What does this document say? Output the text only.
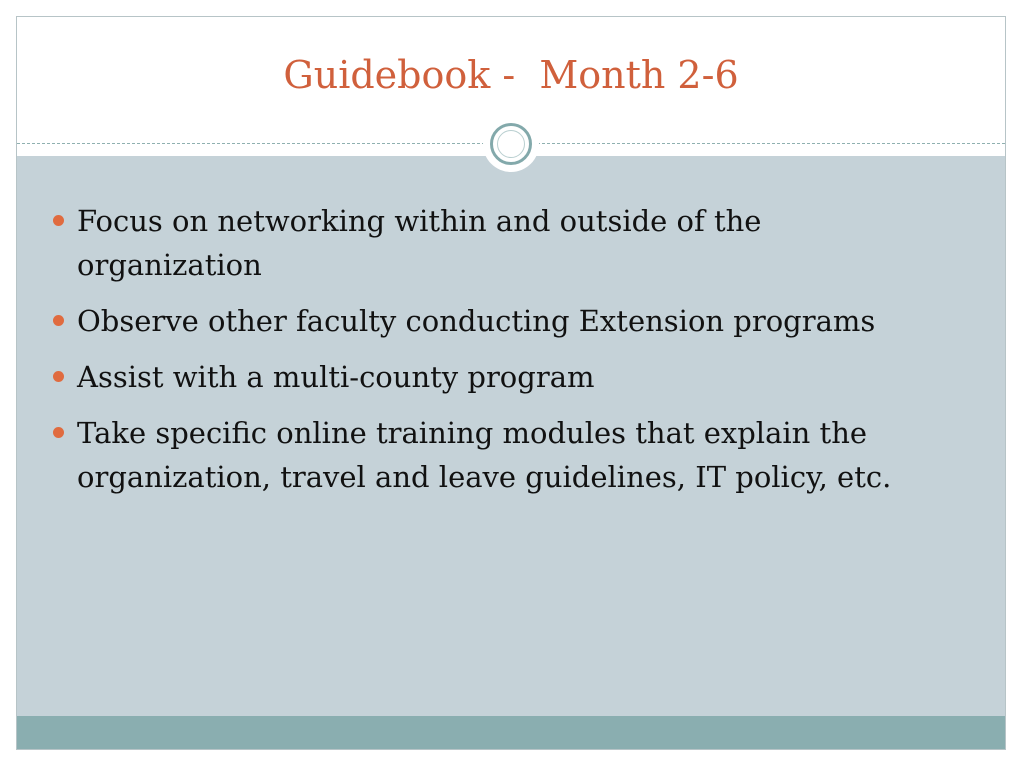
Guidebook -  Month 2-6
Focus on networking within and outside of the organization
Observe other faculty conducting Extension programs
Assist with a multi-county program
Take specific online training modules that explain the organization, travel and leave guidelines, IT policy, etc.
